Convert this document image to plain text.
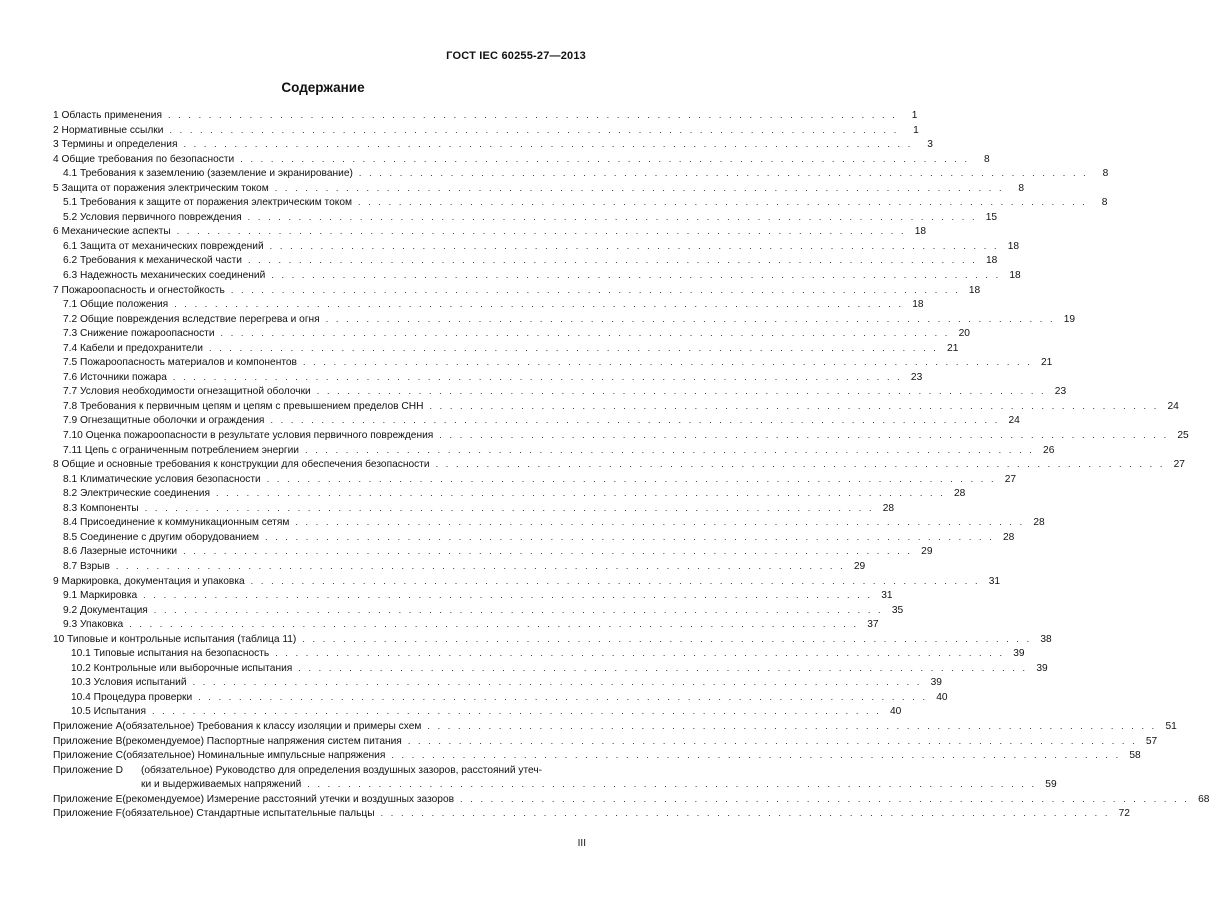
ГОСТ IEC 60255-27—2013
Содержание
1 Область применения . . . . . . . . . . . . . . . . . . . . . . . . . . . . . . . . . . . . . . . . . . . . . . . . . . . . . . . . . . . . . . . . . . . . . . . .	1
2 Нормативные ссылки . . . . . . . . . . . . . . . . . . . . . . . . . . . . . . . . . . . . . . . . . . . . . . . . . . . . . . . . . . . . . . . . . . . . . . . .	1
3 Термины и определения . . . . . . . . . . . . . . . . . . . . . . . . . . . . . . . . . . . . . . . . . . . . . . . . . . . . . . . . . . . . . . . . . . . . . . . .	3
4 Общие требования по безопасности . . . . . . . . . . . . . . . . . . . . . . . . . . . . . . . . . . . . . . . . . . . . . . . . . . . . . . . . . . . . . . . . . . . . . . . .	8
4.1 Требования к заземлению (заземление и экранирование) . . . . . . . . . . . . . . . . . . . . . . . . . . . . . . . . . . . . . . . . . . . . . . . . . . . . . . . . . . . . . . . . . . . . . . . .	8
5 Защита от поражения электрическим током . . . . . . . . . . . . . . . . . . . . . . . . . . . . . . . . . . . . . . . . . . . . . . . . . . . . . . . . . . . . . . . . . . . . . . . .	8
5.1 Требования к защите от поражения электрическим током . . . . . . . . . . . . . . . . . . . . . . . . . . . . . . . . . . . . . . . . . . . . . . . . . . . . . . . . . . . . . . . . . . . . . . . .	8
5.2 Условия первичного повреждения . . . . . . . . . . . . . . . . . . . . . . . . . . . . . . . . . . . . . . . . . . . . . . . . . . . . . . . . . . . . . . . . . . . . . . . . 15
6 Механические аспекты . . . . . . . . . . . . . . . . . . . . . . . . . . . . . . . . . . . . . . . . . . . . . . . . . . . . . . . . . . . . . . . . . . . . . . . . 18
6.1 Защита от механических повреждений . . . . . . . . . . . . . . . . . . . . . . . . . . . . . . . . . . . . . . . . . . . . . . . . . . . . . . . . . . . . . . . . . . . . . . . . 18
6.2 Требования к механической части . . . . . . . . . . . . . . . . . . . . . . . . . . . . . . . . . . . . . . . . . . . . . . . . . . . . . . . . . . . . . . . . . . . . . . . . 18
6.3 Надежность механических соединений . . . . . . . . . . . . . . . . . . . . . . . . . . . . . . . . . . . . . . . . . . . . . . . . . . . . . . . . . . . . . . . . . . . . . . . . 18
7 Пожароопасность и огнестойкость . . . . . . . . . . . . . . . . . . . . . . . . . . . . . . . . . . . . . . . . . . . . . . . . . . . . . . . . . . . . . . . . . . . . . . . . 18
7.1 Общие положения . . . . . . . . . . . . . . . . . . . . . . . . . . . . . . . . . . . . . . . . . . . . . . . . . . . . . . . . . . . . . . . . . . . . . . . . 18
7.2 Общие повреждения вследствие перегрева и огня . . . . . . . . . . . . . . . . . . . . . . . . . . . . . . . . . . . . . . . . . . . . . . . . . . . . . . . . . . . . . . . . . . . . . . . . 19
7.3 Снижение пожароопасности . . . . . . . . . . . . . . . . . . . . . . . . . . . . . . . . . . . . . . . . . . . . . . . . . . . . . . . . . . . . . . . . . . . . . . . . 20
7.4 Кабели и предохранители . . . . . . . . . . . . . . . . . . . . . . . . . . . . . . . . . . . . . . . . . . . . . . . . . . . . . . . . . . . . . . . . . . . . . . . . 21
7.5 Пожароопасность материалов и компонентов . . . . . . . . . . . . . . . . . . . . . . . . . . . . . . . . . . . . . . . . . . . . . . . . . . . . . . . . . . . . . . . . . . . . . . . . 21
7.6 Источники пожара . . . . . . . . . . . . . . . . . . . . . . . . . . . . . . . . . . . . . . . . . . . . . . . . . . . . . . . . . . . . . . . . . . . . . . . . 23
7.7 Условия необходимости огнезащитной оболочки . . . . . . . . . . . . . . . . . . . . . . . . . . . . . . . . . . . . . . . . . . . . . . . . . . . . . . . . . . . . . . . . . . . . . . . . 23
7.8 Требования к первичным цепям и цепям с превышением пределов СНН . . . . . . . . . . . . . . . . . . . . . . . . . . . . . . . . . . . . . . . . . . . . . . . . . . . . . . . . . . . . . . . . . . . . . . . . 24
7.9 Огнезащитные оболочки и ограждения . . . . . . . . . . . . . . . . . . . . . . . . . . . . . . . . . . . . . . . . . . . . . . . . . . . . . . . . . . . . . . . . . . . . . . . . 24
7.10 Оценка пожароопасности в результате условия первичного повреждения . . . . . . . . . . . . . . . . . . . . . . . . . . . . . . . . . . . . . . . . . . . . . . . . . . . . . . . . . . . . . . . . . . . . . . . . 25
7.11 Цепь с ограниченным потреблением энергии . . . . . . . . . . . . . . . . . . . . . . . . . . . . . . . . . . . . . . . . . . . . . . . . . . . . . . . . . . . . . . . . . . . . . . . . 26
8 Общие и основные требования к конструкции для обеспечения безопасности . . . . . . . . . . . . . . . . . . . . . . . . . . . . . . . . . . . . . . . . . . . . . . . . . . . . . . . . . . . . . . . . . . . . . . . . 27
8.1 Климатические условия безопасности . . . . . . . . . . . . . . . . . . . . . . . . . . . . . . . . . . . . . . . . . . . . . . . . . . . . . . . . . . . . . . . . . . . . . . . . 27
8.2 Электрические соединения . . . . . . . . . . . . . . . . . . . . . . . . . . . . . . . . . . . . . . . . . . . . . . . . . . . . . . . . . . . . . . . . . . . . . . . . 28
8.3 Компоненты . . . . . . . . . . . . . . . . . . . . . . . . . . . . . . . . . . . . . . . . . . . . . . . . . . . . . . . . . . . . . . . . . . . . . . . . 28
8.4 Присоединение к коммуникационным сетям . . . . . . . . . . . . . . . . . . . . . . . . . . . . . . . . . . . . . . . . . . . . . . . . . . . . . . . . . . . . . . . . . . . . . . . . 28
8.5 Соединение с другим оборудованием . . . . . . . . . . . . . . . . . . . . . . . . . . . . . . . . . . . . . . . . . . . . . . . . . . . . . . . . . . . . . . . . . . . . . . . . 28
8.6 Лазерные источники . . . . . . . . . . . . . . . . . . . . . . . . . . . . . . . . . . . . . . . . . . . . . . . . . . . . . . . . . . . . . . . . . . . . . . . . 29
8.7 Взрыв . . . . . . . . . . . . . . . . . . . . . . . . . . . . . . . . . . . . . . . . . . . . . . . . . . . . . . . . . . . . . . . . . . . . . . . . 29
9 Маркировка, документация и упаковка . . . . . . . . . . . . . . . . . . . . . . . . . . . . . . . . . . . . . . . . . . . . . . . . . . . . . . . . . . . . . . . . . . . . . . . . 31
9.1 Маркировка . . . . . . . . . . . . . . . . . . . . . . . . . . . . . . . . . . . . . . . . . . . . . . . . . . . . . . . . . . . . . . . . . . . . . . . . 31
9.2 Документация . . . . . . . . . . . . . . . . . . . . . . . . . . . . . . . . . . . . . . . . . . . . . . . . . . . . . . . . . . . . . . . . . . . . . . . . 35
9.3 Упаковка . . . . . . . . . . . . . . . . . . . . . . . . . . . . . . . . . . . . . . . . . . . . . . . . . . . . . . . . . . . . . . . . . . . . . . . . 37
10 Типовые и контрольные испытания (таблица 11) . . . . . . . . . . . . . . . . . . . . . . . . . . . . . . . . . . . . . . . . . . . . . . . . . . . . . . . . . . . . . . . . . . . . . . . . 38
10.1 Типовые испытания на безопасность . . . . . . . . . . . . . . . . . . . . . . . . . . . . . . . . . . . . . . . . . . . . . . . . . . . . . . . . . . . . . . . . . . . . . . . . 39
10.2 Контрольные или выборочные испытания . . . . . . . . . . . . . . . . . . . . . . . . . . . . . . . . . . . . . . . . . . . . . . . . . . . . . . . . . . . . . . . . . . . . . . . . 39
10.3 Условия испытаний . . . . . . . . . . . . . . . . . . . . . . . . . . . . . . . . . . . . . . . . . . . . . . . . . . . . . . . . . . . . . . . . . . . . . . . . 39
10.4 Процедура проверки . . . . . . . . . . . . . . . . . . . . . . . . . . . . . . . . . . . . . . . . . . . . . . . . . . . . . . . . . . . . . . . . . . . . . . . . 40
10.5 Испытания . . . . . . . . . . . . . . . . . . . . . . . . . . . . . . . . . . . . . . . . . . . . . . . . . . . . . . . . . . . . . . . . . . . . . . . . 40
Приложение А (обязательное) Требования к классу изоляции и примеры схем . . . . . . . . . . . . . . . . . . . . . . . . . . . . . . . . . . . . . . . . . . . . . . . . . . . . . . . . . . . . . . . . . . . . . . . . 51
Приложение В (рекомендуемое) Паспортные напряжения систем питания . . . . . . . . . . . . . . . . . . . . . . . . . . . . . . . . . . . . . . . . . . . . . . . . . . . . . . . . . . . . . . . . . . . . . . . . 57
Приложение С (обязательное) Номинальные импульсные напряжения . . . . . . . . . . . . . . . . . . . . . . . . . . . . . . . . . . . . . . . . . . . . . . . . . . . . . . . . . . . . . . . . . . . . . . . . 58
Приложение D	(обязательное) Руководство для определения воздушных зазоров, расстояний утеч-
ки и выдерживаемых напряжений . . . . . . . . . . . . . . . . . . . . . . . . . . . . . . . . . . . . . . . . . . . . . . . . . . . . . . . . . . . . . . . . . . . . . . . . 59
Приложение Е (рекомендуемое) Измерение расстояний утечки и воздушных зазоров . . . . . . . . . . . . . . . . . . . . . . . . . . . . . . . . . . . . . . . . . . . . . . . . . . . . . . . . . . . . . . . . . . . . . . . . 68
Приложение F (обязательное) Стандартные испытательные пальцы . . . . . . . . . . . . . . . . . . . . . . . . . . . . . . . . . . . . . . . . . . . . . . . . . . . . . . . . . . . . . . . . . . . . . . . . 72
III
